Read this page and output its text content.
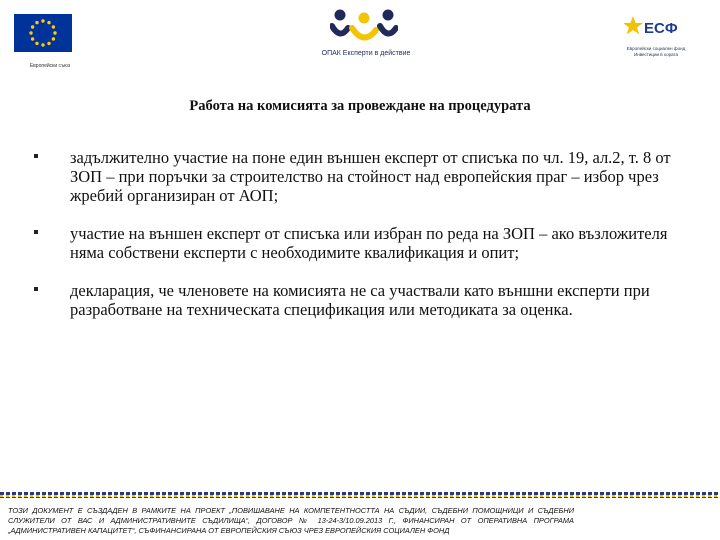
Европейски съюз
ОПАК Експерти в действие
ЕСФ
Европейски социален фонд Инвестиции в хората
Работа на комисията за провеждане на процедурата
задължително участие на поне един външен експерт от списъка по чл. 19, ал.2, т. 8 от ЗОП – при поръчки за строителство на стойност над европейския праг – избор чрез жребий организиран от АОП;
участие на външен експерт от списъка или избран по реда на ЗОП – ако възложителя няма собствени експерти с необходимите квалификация и опит;
декларация, че членовете на комисията не са участвали като външни експерти при разработване на техническата спецификация или методиката за оценка.

ТОЗИ ДОКУМЕНТ Е СЪЗДАДЕН В РАМКИТЕ НА ПРОЕКТ „ПОВИШАВАНЕ НА КОМПЕТЕНТНОСТТА НА СЪДИИ, СЪДЕБНИ ПОМОЩНИЦИ И СЪДЕБНИ СЛУЖИТЕЛИ ОТ ВАС И АДМИНИСТРАТИВНИТЕ СЪДИЛИЩА“, ДОГОВОР № 13-24-3/10.09.2013 Г., ФИНАНСИРАН ОТ ОПЕРАТИВНА ПРОГРАМА „АДМИНИСТРАТИВЕН КАПАЦИТЕТ“, СЪФИНАНСИРАНА ОТ ЕВРОПЕЙСКИЯ СЪЮЗ ЧРЕЗ ЕВРОПЕЙСКИЯ СОЦИАЛЕН ФОНД
